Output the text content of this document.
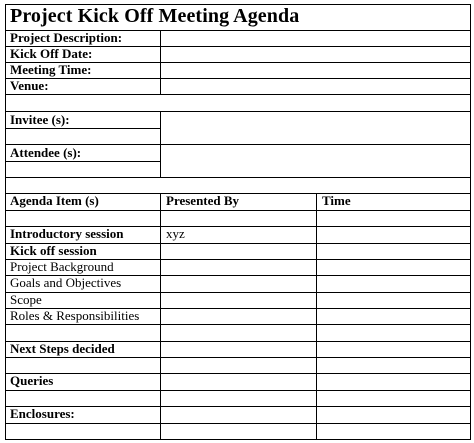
Project Kick Off Meeting Agenda
Project Description:
Kick Off Date:
Meeting Time:
Venue:
Invitee (s):
Attendee (s):
Agenda Item (s)	Presented By	Time
Introductory session	xyz
Kick off session
Project Background
Goals and Objectives
Scope
Roles & Responsibilities
Next Steps decided
Queries
Enclosures:
